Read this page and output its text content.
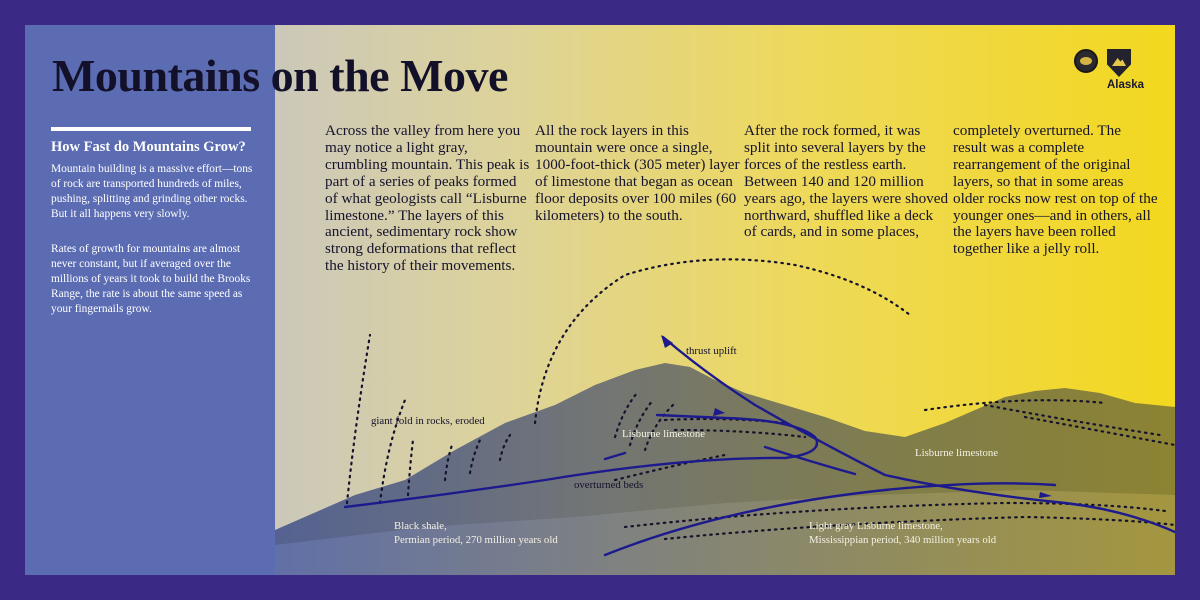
Mountains on the Move	Alaska

How Fast do Mountains Grow?

Mountain building is a massive effort—tons of rock are transported hundreds of miles, pushing, splitting and grinding other rocks. But it all happens very slowly.

Rates of growth for mountains are almost never constant, but if averaged over the millions of years it took to build the Brooks Range, the rate is about the same speed as your fingernails grow.

Across the valley from here you may notice a light gray, crumbling mountain. This peak is part of a series of peaks formed of what geologists call “Lisburne limestone.” The layers of this ancient, sedimentary rock show strong deformations that reflect the history of their movements.

All the rock layers in this mountain were once a single, 1000-foot-thick (305 meter) layer of limestone that began as ocean floor deposits over 100 miles (60 kilometers) to the south.

After the rock formed, it was split into several layers by the forces of the restless earth. Between 140 and 120 million years ago, the layers were shoved northward, shuffled like a deck of cards, and in some places,

completely overturned. The result was a complete rearrangement of the original layers, so that in some areas older rocks now rest on top of the younger ones—and in others, all the layers have been rolled together like a jelly roll.

thrust uplift

giant fold in rocks, eroded

Lisburne limestone

Lisburne limestone

overturned beds

Black shale,
Permian period, 270 million years old

Light gray Lisburne limestone,
Mississippian period, 340 million years old
